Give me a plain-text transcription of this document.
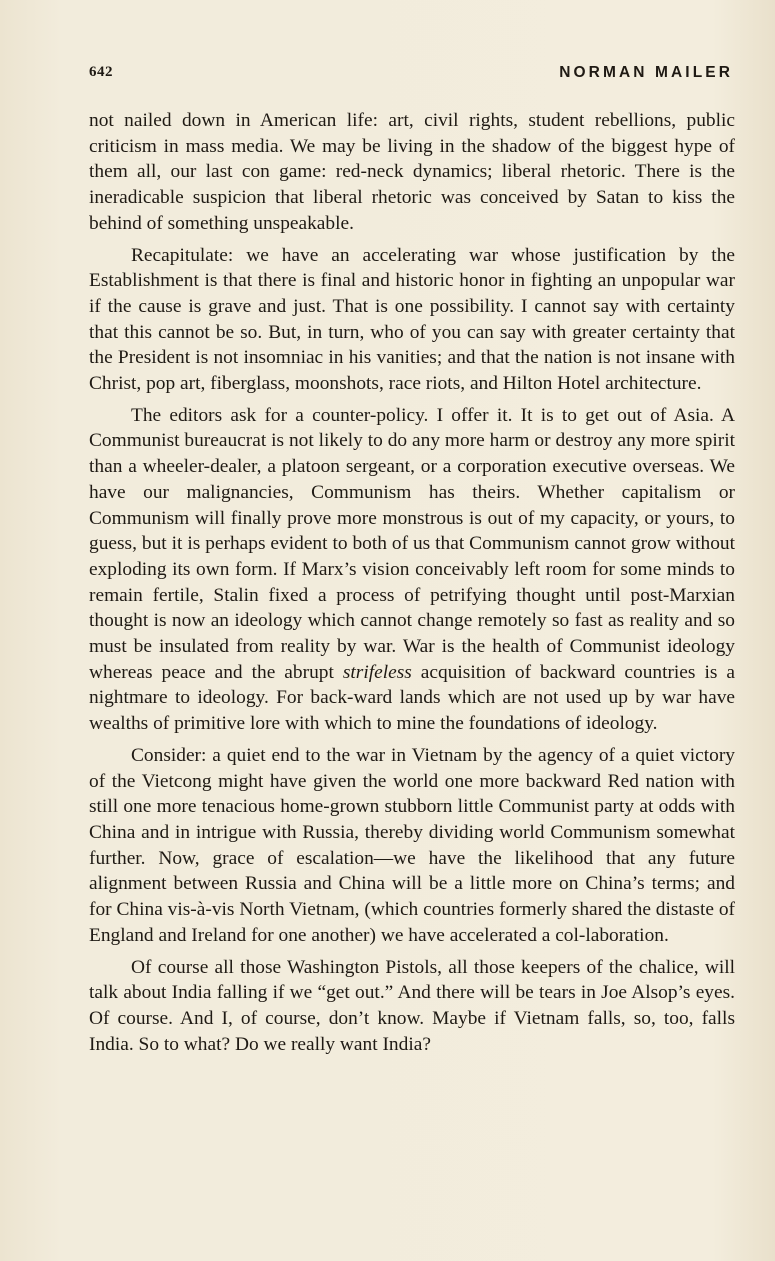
642	NORMAN MAILER

not nailed down in American life: art, civil rights, student rebellions, public criticism in mass media. We may be living in the shadow of the biggest hype of them all, our last con game: red-neck dynamics; liberal rhetoric. There is the ineradicable suspicion that liberal rhetoric was conceived by Satan to kiss the behind of something unspeakable.

Recapitulate: we have an accelerating war whose justification by the Establishment is that there is final and historic honor in fighting an unpopular war if the cause is grave and just. That is one possibility. I cannot say with certainty that this cannot be so. But, in turn, who of you can say with greater certainty that the President is not insomniac in his vanities; and that the nation is not insane with Christ, pop art, fiberglass, moonshots, race riots, and Hilton Hotel architecture.

The editors ask for a counter-policy. I offer it. It is to get out of Asia. A Communist bureaucrat is not likely to do any more harm or destroy any more spirit than a wheeler-dealer, a platoon sergeant, or a corporation executive overseas. We have our malignancies, Communism has theirs. Whether capitalism or Communism will finally prove more monstrous is out of my capacity, or yours, to guess, but it is perhaps evident to both of us that Communism cannot grow without exploding its own form. If Marx’s vision conceivably left room for some minds to remain fertile, Stalin fixed a process of petrifying thought until post-Marxian thought is now an ideology which cannot change remotely so fast as reality and so must be insulated from reality by war. War is the health of Communist ideology whereas peace and the abrupt strifeless acquisition of backward countries is a nightmare to ideology. For back-ward lands which are not used up by war have wealths of primitive lore with which to mine the foundations of ideology.

Consider: a quiet end to the war in Vietnam by the agency of a quiet victory of the Vietcong might have given the world one more backward Red nation with still one more tenacious home-grown stubborn little Communist party at odds with China and in intrigue with Russia, thereby dividing world Communism somewhat further. Now, grace of escalation—we have the likelihood that any future alignment between Russia and China will be a little more on China’s terms; and for China vis-à-vis North Vietnam, (which countries formerly shared the distaste of England and Ireland for one another) we have accelerated a col-laboration.

Of course all those Washington Pistols, all those keepers of the chalice, will talk about India falling if we “get out.” And there will be tears in Joe Alsop’s eyes. Of course. And I, of course, don’t know. Maybe if Vietnam falls, so, too, falls India. So to what? Do we really want India?
